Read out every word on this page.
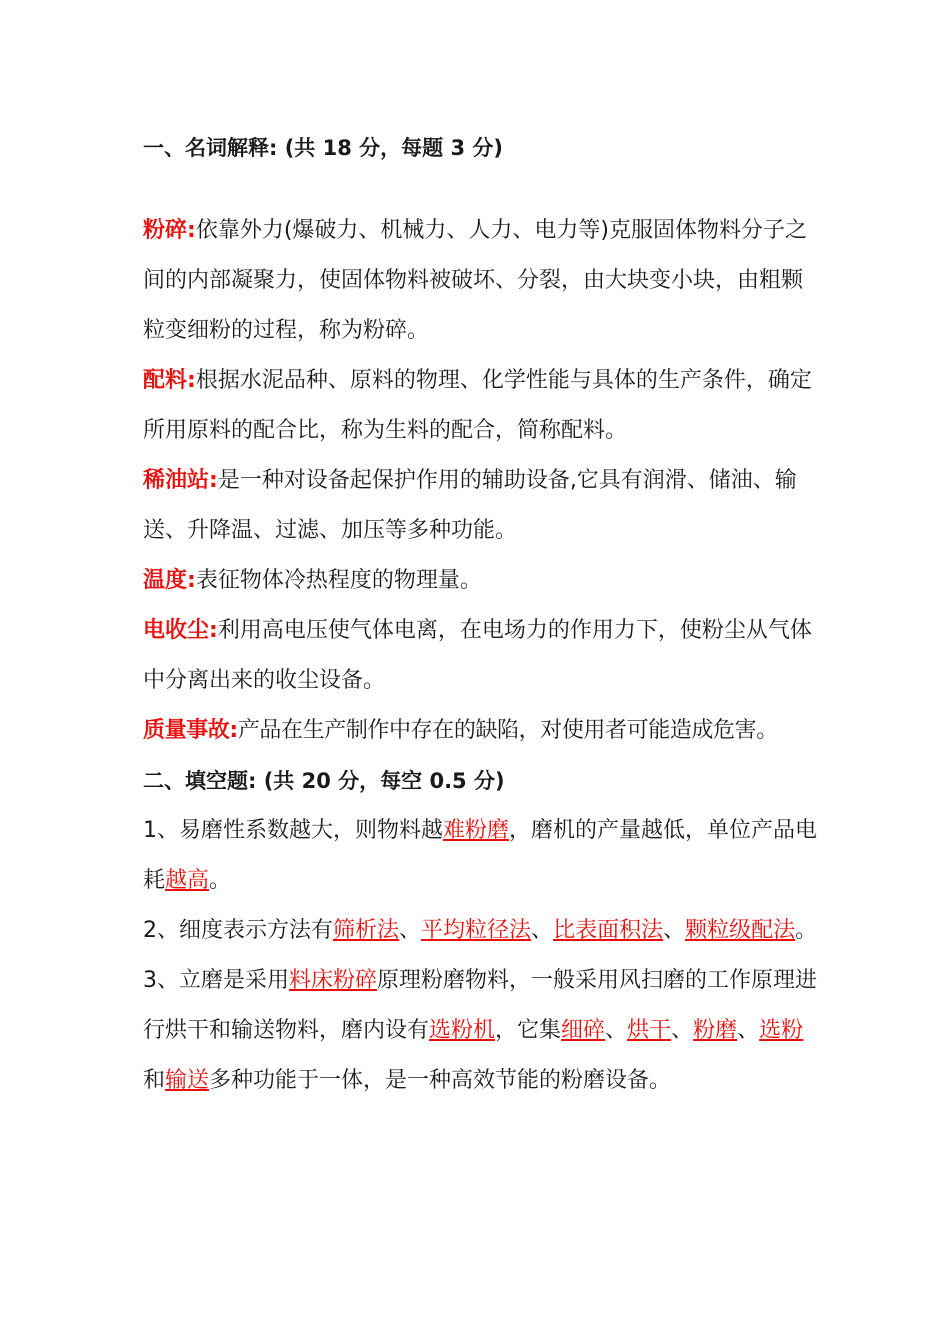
一、名词解释: (共 18 分，每题 3 分)

粉碎:依靠外力(爆破力、机械力、人力、电力等)克服固体物料分子之间的内部凝聚力，使固体物料被破坏、分裂，由大块变小块，由粗颗粒变细粉的过程，称为粉碎。

配料:根据水泥品种、原料的物理、化学性能与具体的生产条件，确定所用原料的配合比，称为生料的配合，简称配料。

稀油站:是一种对设备起保护作用的辅助设备,它具有润滑、储油、输送、升降温、过滤、加压等多种功能。

温度:表征物体冷热程度的物理量。

电收尘:利用高电压使气体电离，在电场力的作用力下，使粉尘从气体中分离出来的收尘设备。

质量事故:产品在生产制作中存在的缺陷，对使用者可能造成危害。

二、填空题: (共 20 分，每空 0.5 分)

1、易磨性系数越大，则物料越难粉磨，磨机的产量越低，单位产品电耗越高。

2、细度表示方法有筛析法、平均粒径法、比表面积法、颗粒级配法。

3、立磨是采用料床粉碎原理粉磨物料，一般采用风扫磨的工作原理进行烘干和输送物料，磨内设有选粉机，它集细碎、烘干、粉磨、选粉和输送多种功能于一体，是一种高效节能的粉磨设备。
